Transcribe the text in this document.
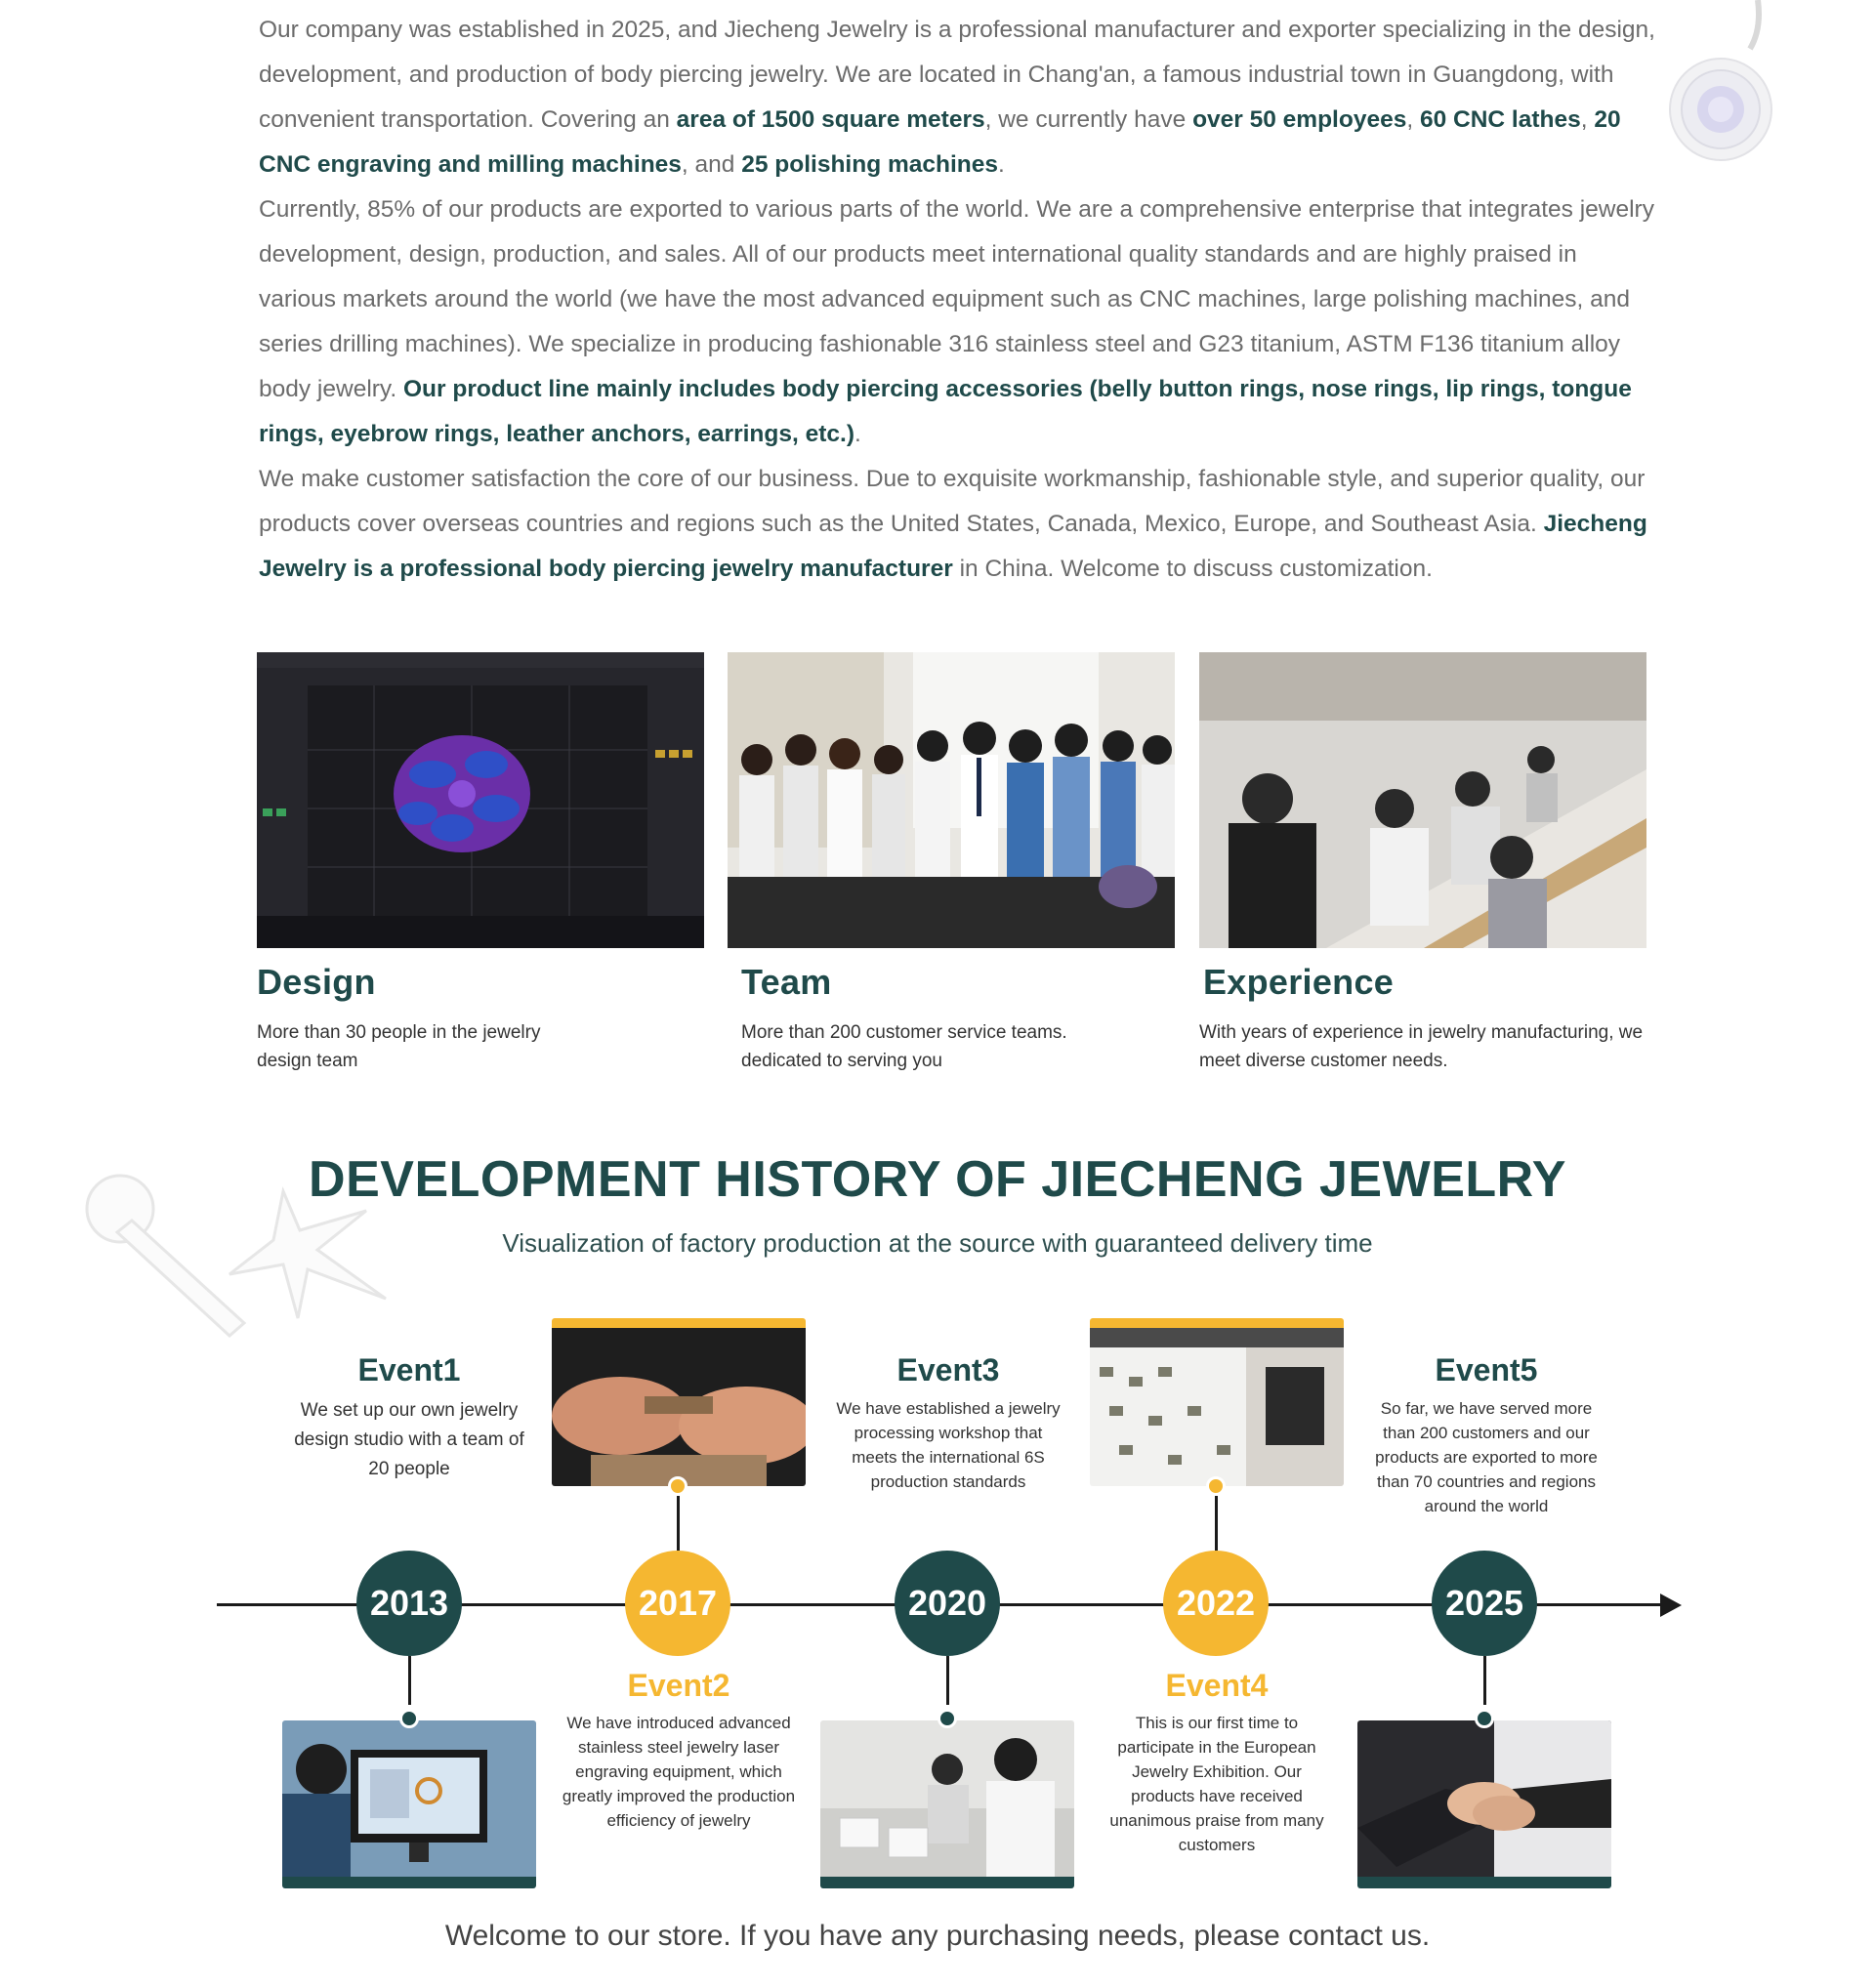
Our company was established in 2025, and Jiecheng Jewelry is a professional manufacturer and exporter specializing in the design, development, and production of body piercing jewelry. We are located in Chang'an, a famous industrial town in Guangdong, with convenient transportation. Covering an area of 1500 square meters, we currently have over 50 employees, 60 CNC lathes, 20 CNC engraving and milling machines, and 25 polishing machines.

Currently, 85% of our products are exported to various parts of the world. We are a comprehensive enterprise that integrates jewelry development, design, production, and sales. All of our products meet international quality standards and are highly praised in various markets around the world (we have the most advanced equipment such as CNC machines, large polishing machines, and series drilling machines). We specialize in producing fashionable 316 stainless steel and G23 titanium, ASTM F136 titanium alloy body jewelry. Our product line mainly includes body piercing accessories (belly button rings, nose rings, lip rings, tongue rings, eyebrow rings, leather anchors, earrings, etc.).

We make customer satisfaction the core of our business. Due to exquisite workmanship, fashionable style, and superior quality, our products cover overseas countries and regions such as the United States, Canada, Mexico, Europe, and Southeast Asia. Jiecheng Jewelry is a professional body piercing jewelry manufacturer in China. Welcome to discuss customization.

Design

More than 30 people in the jewelry design team

Team

More than 200 customer service teams. dedicated to serving you

Experience

With years of experience in jewelry manufacturing, we meet diverse customer needs.

DEVELOPMENT HISTORY OF JIECHENG JEWELRY
Visualization of factory production at the source with guaranteed delivery time
2013	2017	2020	2022	2025
Event1
We set up our own jewelry design studio with a team of 20 people
Event2
We have introduced advanced stainless steel jewelry laser engraving equipment, which greatly improved the production efficiency of jewelry
Event3
We have established a jewelry processing workshop that meets the international 6S production standards
Event4
This is our first time to participate in the European Jewelry Exhibition. Our products have received unanimous praise from many customers
Event5
So far, we have served more than 200 customers and our products are exported to more than 70 countries and regions around the world
Welcome to our store. If you have any purchasing needs, please contact us.
